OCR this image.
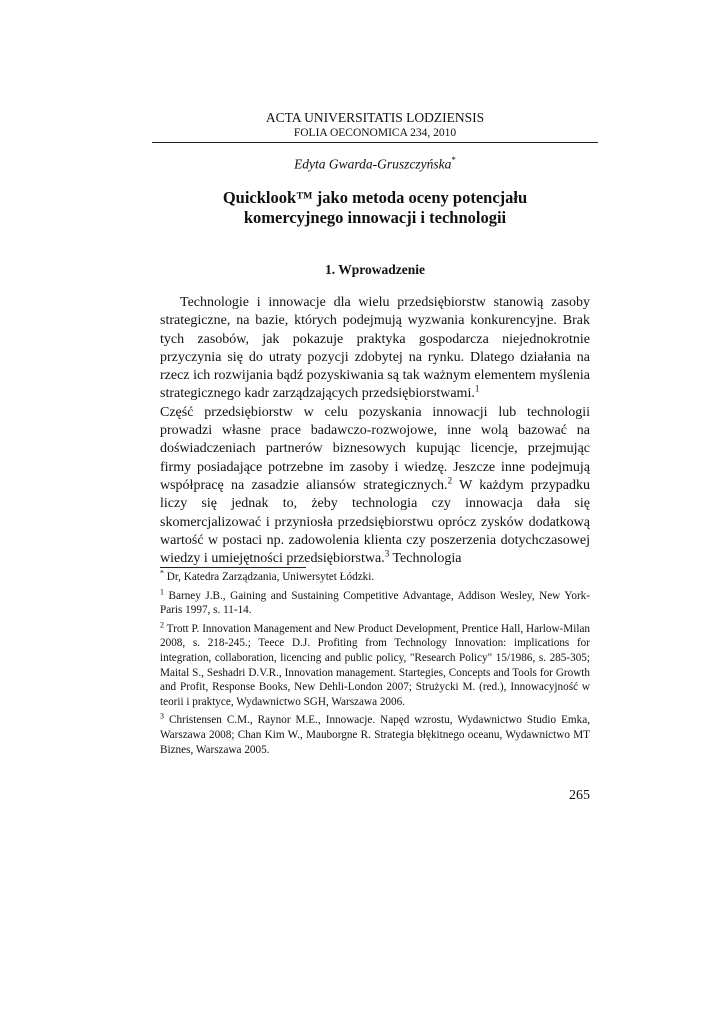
ACTA UNIVERSITATIS LODZIENSIS
FOLIA OECONOMICA 234, 2010
Edyta Gwarda-Gruszczyńska*
Quicklook™ jako metoda oceny potencjału
komercyjnego innowacji i technologii
1. Wprowadzenie

Technologie i innowacje dla wielu przedsiębiorstw stanowią zasoby strategiczne, na bazie, których podejmują wyzwania konkurencyjne. Brak tych zasobów, jak pokazuje praktyka gospodarcza niejednokrotnie przyczynia się do utraty pozycji zdobytej na rynku. Dlatego działania na rzecz ich rozwijania bądź pozyskiwania są tak ważnym elementem myślenia strategicznego kadr zarządzających przedsiębiorstwami.$^1$

Część przedsiębiorstw w celu pozyskania innowacji lub technologii prowadzi własne prace badawczo-rozwojowe, inne wolą bazować na doświadczeniach partnerów biznesowych kupując licencje, przejmując firmy posiadające potrzebne im zasoby i wiedzę. Jeszcze inne podejmują współpracę na zasadzie aliansów strategicznych.$^2$ W każdym przypadku liczy się jednak to, żeby technologia czy innowacja dała się skomercjalizować i przyniosła przedsiębiorstwu oprócz zysków dodatkową wartość w postaci np. zadowolenia klienta czy poszerzenia dotychczasowej wiedzy i umiejętności przedsiębiorstwa.$^3$ Technologia

* Dr, Katedra Zarządzania, Uniwersytet Łódzki.

$^1$ Barney J.B., Gaining and Sustaining Competitive Advantage, Addison Wesley, New York-Paris 1997, s. 11-14.

$^2$ Trott P. Innovation Management and New Product Development, Prentice Hall, Harlow-Milan 2008, s. 218-245.; Teece D.J. Profiting from Technology Innovation: implications for integration, collaboration, licencing and public policy, "Research Policy" 15/1986, s. 285-305; Maital S., Seshadri D.V.R., Innovation management. Startegies, Concepts and Tools for Growth and Profit, Response Books, New Dehli-London 2007; Strużycki M. (red.), Innowacyjność w teorii i praktyce, Wydawnictwo SGH, Warszawa 2006.

$^3$ Christensen C.M., Raynor M.E., Innowacje. Napęd wzrostu, Wydawnictwo Studio Emka, Warszawa 2008; Chan Kim W., Mauborgne R. Strategia błękitnego oceanu, Wydawnictwo MT Biznes, Warszawa 2005.

265
